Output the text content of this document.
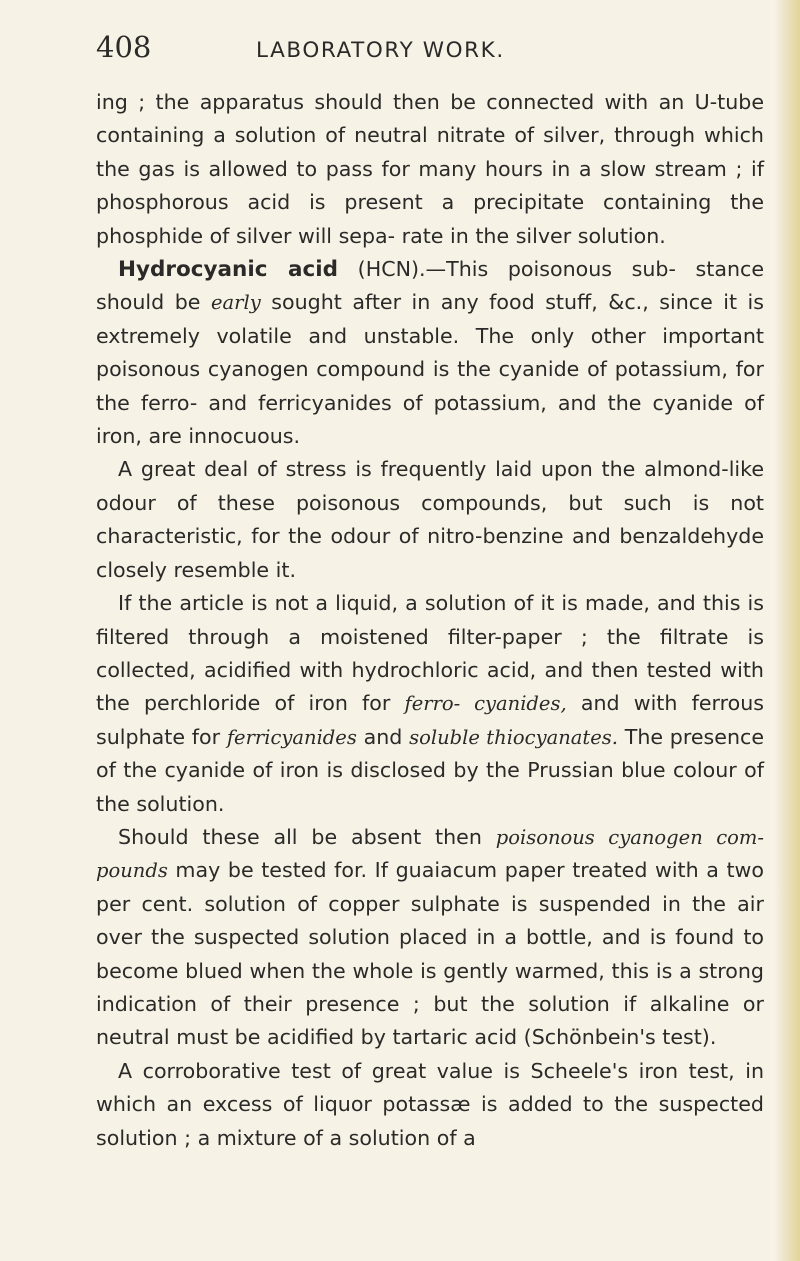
408	LABORATORY WORK.

ing ; the apparatus should then be connected with an U-tube containing a solution of neutral nitrate of silver, through which the gas is allowed to pass for many hours in a slow stream ; if phosphorous acid is present a precipitate containing the phosphide of silver will sepa- rate in the silver solution.

Hydrocyanic acid (HCN).—This poisonous sub- stance should be early sought after in any food stuff, &c., since it is extremely volatile and unstable. The only other important poisonous cyanogen compound is the cyanide of potassium, for the ferro- and ferricyanides of potassium, and the cyanide of iron, are innocuous.

A great deal of stress is frequently laid upon the almond-like odour of these poisonous compounds, but such is not characteristic, for the odour of nitro-benzine and benzaldehyde closely resemble it.

If the article is not a liquid, a solution of it is made, and this is filtered through a moistened filter-paper ; the filtrate is collected, acidified with hydrochloric acid, and then tested with the perchloride of iron for ferro- cyanides, and with ferrous sulphate for ferricyanides and soluble thiocyanates. The presence of the cyanide of iron is disclosed by the Prussian blue colour of the solution.

Should these all be absent then poisonous cyanogen com- pounds may be tested for. If guaiacum paper treated with a two per cent. solution of copper sulphate is suspended in the air over the suspected solution placed in a bottle, and is found to become blued when the whole is gently warmed, this is a strong indication of their presence ; but the solution if alkaline or neutral must be acidified by tartaric acid (Schönbein's test).

A corroborative test of great value is Scheele's iron test, in which an excess of liquor potassæ is added to the suspected solution ; a mixture of a solution of a
